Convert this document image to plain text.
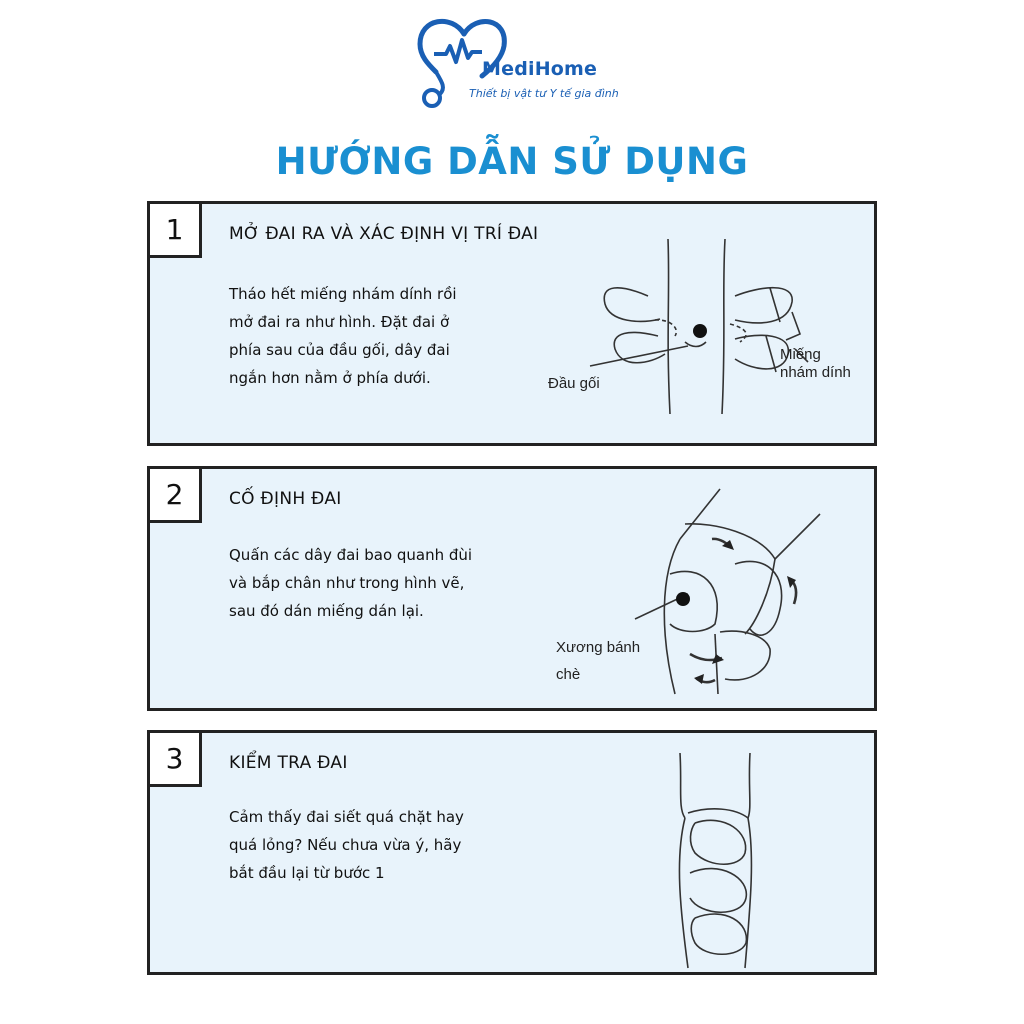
MediHome
Thiết bị vật tư Y tế gia đình
HƯỚNG DẪN SỬ DỤNG
1	MỞ ĐAI RA VÀ XÁC ĐỊNH VỊ TRÍ ĐAI
Tháo hết miếng nhám dính rồi
mở đai ra như hình. Đặt đai ở
phía sau của đầu gối, dây đai
ngắn hơn nằm ở phía dưới.	Đầu gối
Miếng
nhám dính
2	CỐ ĐỊNH ĐAI
Quấn các dây đai bao quanh đùi
và bắp chân như trong hình vẽ,
sau đó dán miếng dán lại.
Xương bánh
chè
3	KIỂM TRA ĐAI
Cảm thấy đai siết quá chặt hay
quá lỏng? Nếu chưa vừa ý, hãy
bắt đầu lại từ bước 1
